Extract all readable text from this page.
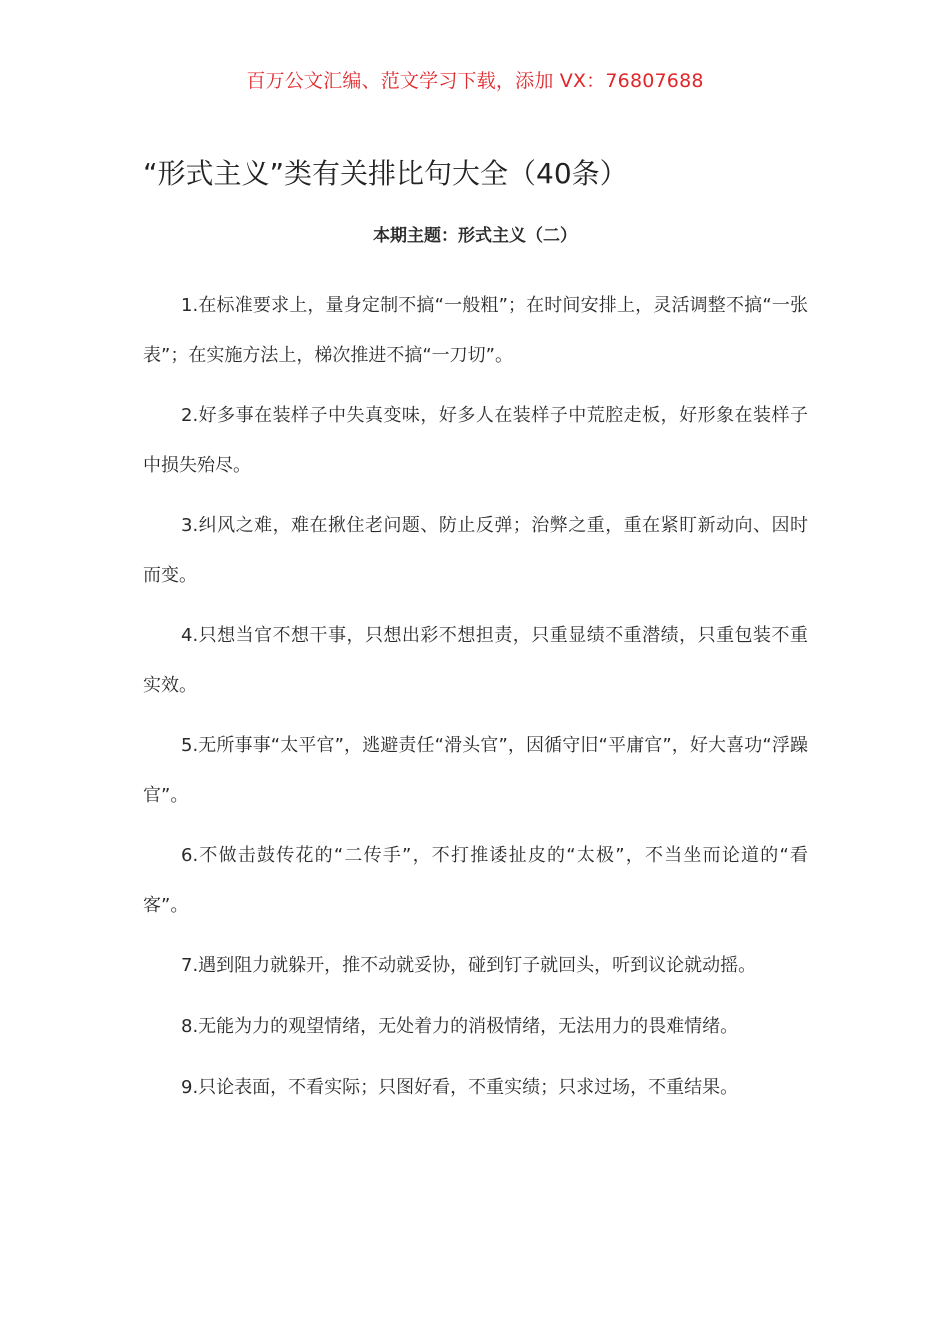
百万公文汇编、范文学习下载，添加 VX：76807688
“形式主义”类有关排比句大全（40条）
本期主题：形式主义（二）

1.在标准要求上，量身定制不搞“一般粗”；在时间安排上，灵活调整不搞“一张表”；在实施方法上，梯次推进不搞“一刀切”。

2.好多事在装样子中失真变味，好多人在装样子中荒腔走板，好形象在装样子中损失殆尽。

3.纠风之难，难在揪住老问题、防止反弹；治弊之重，重在紧盯新动向、因时而变。

4.只想当官不想干事，只想出彩不想担责，只重显绩不重潜绩，只重包装不重实效。

5.无所事事“太平官”，逃避责任“滑头官”，因循守旧“平庸官”，好大喜功“浮躁官”。

6.不做击鼓传花的“二传手”，不打推诿扯皮的“太极”，不当坐而论道的“看客”。

7.遇到阻力就躲开，推不动就妥协，碰到钉子就回头，听到议论就动摇。

8.无能为力的观望情绪，无处着力的消极情绪，无法用力的畏难情绪。

9.只论表面，不看实际；只图好看，不重实绩；只求过场，不重结果。
